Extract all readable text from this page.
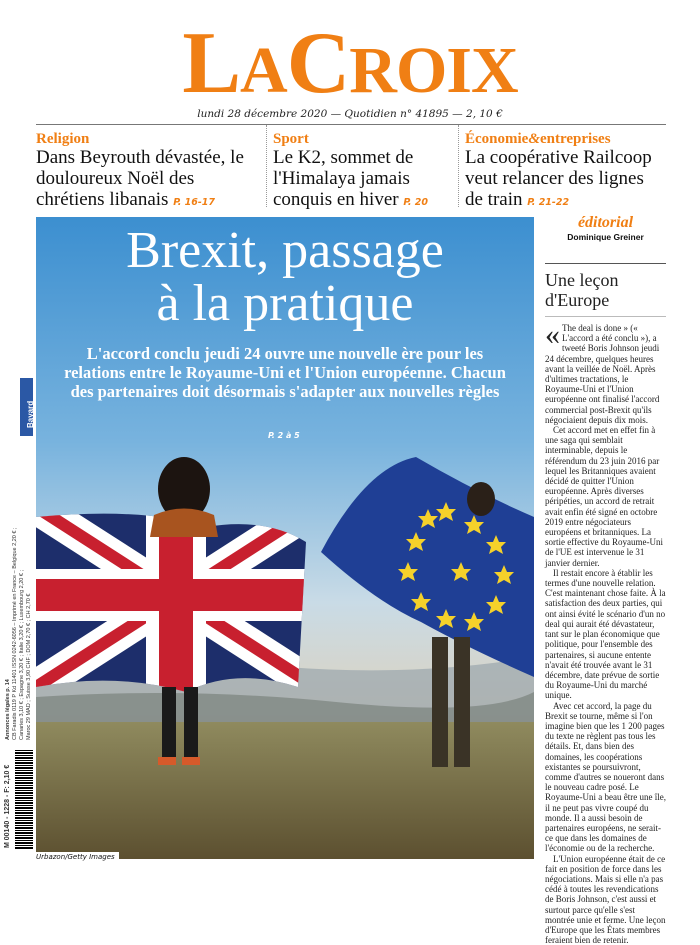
LACROIX
lundi 28 décembre 2020 — Quotidien n° 41895 — 2, 10 €
Religion
Dans Beyrouth dévastée, le douloureux Noël des chrétiens libanais P. 16-17
Sport
Le K2, sommet de l'Himalaya jamais conquis en hiver P. 20
Économie&entreprises
La coopérative Railcoop veut relancer des lignes de train P. 21-22
Brexit, passage
à la pratique
L'accord conclu jeudi 24 ouvre une nouvelle ère pour les relations entre le Royaume-Uni et l'Union européenne. Chacun des partenaires doit désormais s'adapter aux nouvelles règles
P. 2 à 5
Urbazon/Getty Images
Bayard
Annonces légales p. 14 CB Faradis 0119 P Kd 11401 ISSN 0242-6056 – Imprimé en France – Belgique 2,20 € ; Canaries 3,10 € ; Espagne 3,20 € ; Italie 3,20 € ; Luxembourg 2,20 € ; Maroc 29 MAD ; Suisse 3,90 CHF ; DOM 2,70 € ; CH 2,70 €
M 00140 - 1228 - F: 2,10 €
éditorial
Dominique Greiner
Une leçon d'Europe

« The deal is done » (« L'accord a été conclu »), a tweeté Boris Johnson jeudi 24 décembre, quelques heures avant la veillée de Noël. Après d'ultimes tractations, le Royaume-Uni et l'Union européenne ont finalisé l'accord commercial post-Brexit qu'ils négociaient depuis dix mois.

Cet accord met en effet fin à une saga qui semblait interminable, depuis le référendum du 23 juin 2016 par lequel les Britanniques avaient décidé de quitter l'Union européenne. Après diverses péripéties, un accord de retrait avait enfin été signé en octobre 2019 entre négociateurs européens et britanniques. La sortie effective du Royaume-Uni de l'UE est intervenue le 31 janvier dernier.

Il restait encore à établir les termes d'une nouvelle relation. C'est maintenant chose faite. À la satisfaction des deux parties, qui ont ainsi évité le scénario d'un no deal qui aurait été dévastateur, tant sur le plan économique que politique, pour l'ensemble des partenaires, si aucune entente n'avait été trouvée avant le 31 décembre, date prévue de sortie du Royaume-Uni du marché unique.

Avec cet accord, la page du Brexit se tourne, même si l'on imagine bien que les 1 200 pages du texte ne règlent pas tous les détails. Et, dans bien des domaines, les coopérations existantes se poursuivront, comme d'autres se noueront dans le nouveau cadre posé. Le Royaume-Uni a beau être une île, il ne peut pas vivre coupé du monde. Il a aussi besoin de partenaires européens, ne serait-ce que dans les domaines de l'économie ou de la recherche.

L'Union européenne était de ce fait en position de force dans les négociations. Mais si elle n'a pas cédé à toutes les revendications de Boris Johnson, c'est aussi et surtout parce qu'elle s'est montrée unie et ferme. Une leçon d'Europe que les États membres feraient bien de retenir.
